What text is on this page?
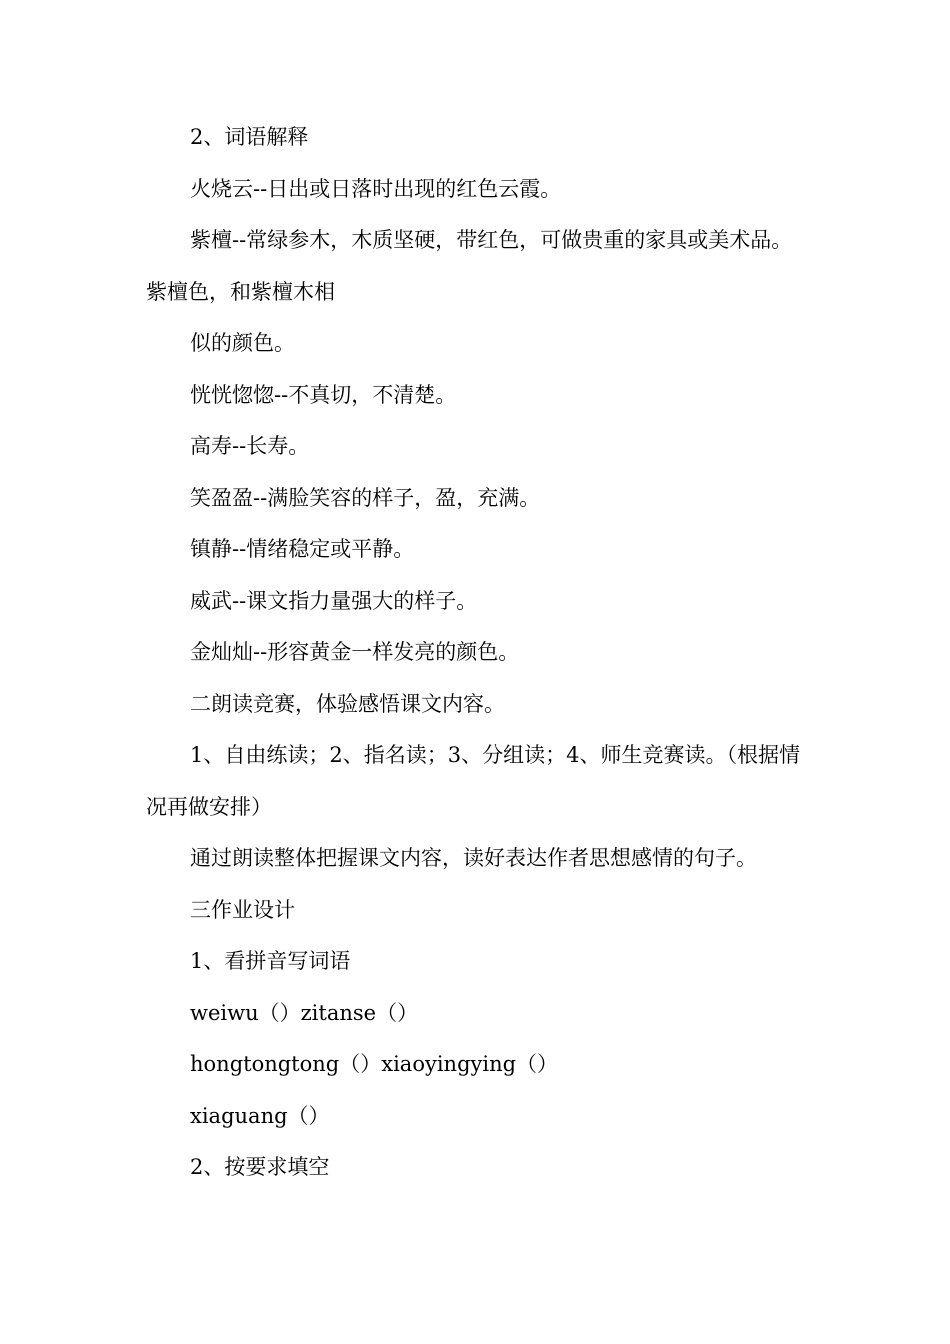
2、词语解释

火烧云--日出或日落时出现的红色云霞。

紫檀--常绿参木，木质坚硬，带红色，可做贵重的家具或美术品。紫檀色，和紫檀木相

似的颜色。

恍恍惚惚--不真切，不清楚。

高寿--长寿。

笑盈盈--满脸笑容的样子，盈，充满。

镇静--情绪稳定或平静。

威武--课文指力量强大的样子。

金灿灿--形容黄金一样发亮的颜色。

二朗读竞赛，体验感悟课文内容。

1、自由练读；2、指名读；3、分组读；4、师生竞赛读。（根据情况再做安排）

通过朗读整体把握课文内容，读好表达作者思想感情的句子。

三作业设计

1、看拼音写词语

weiwu（）zitanse（）

hongtongtong（）xiaoyingying（）

xiaguang（）

2、按要求填空
